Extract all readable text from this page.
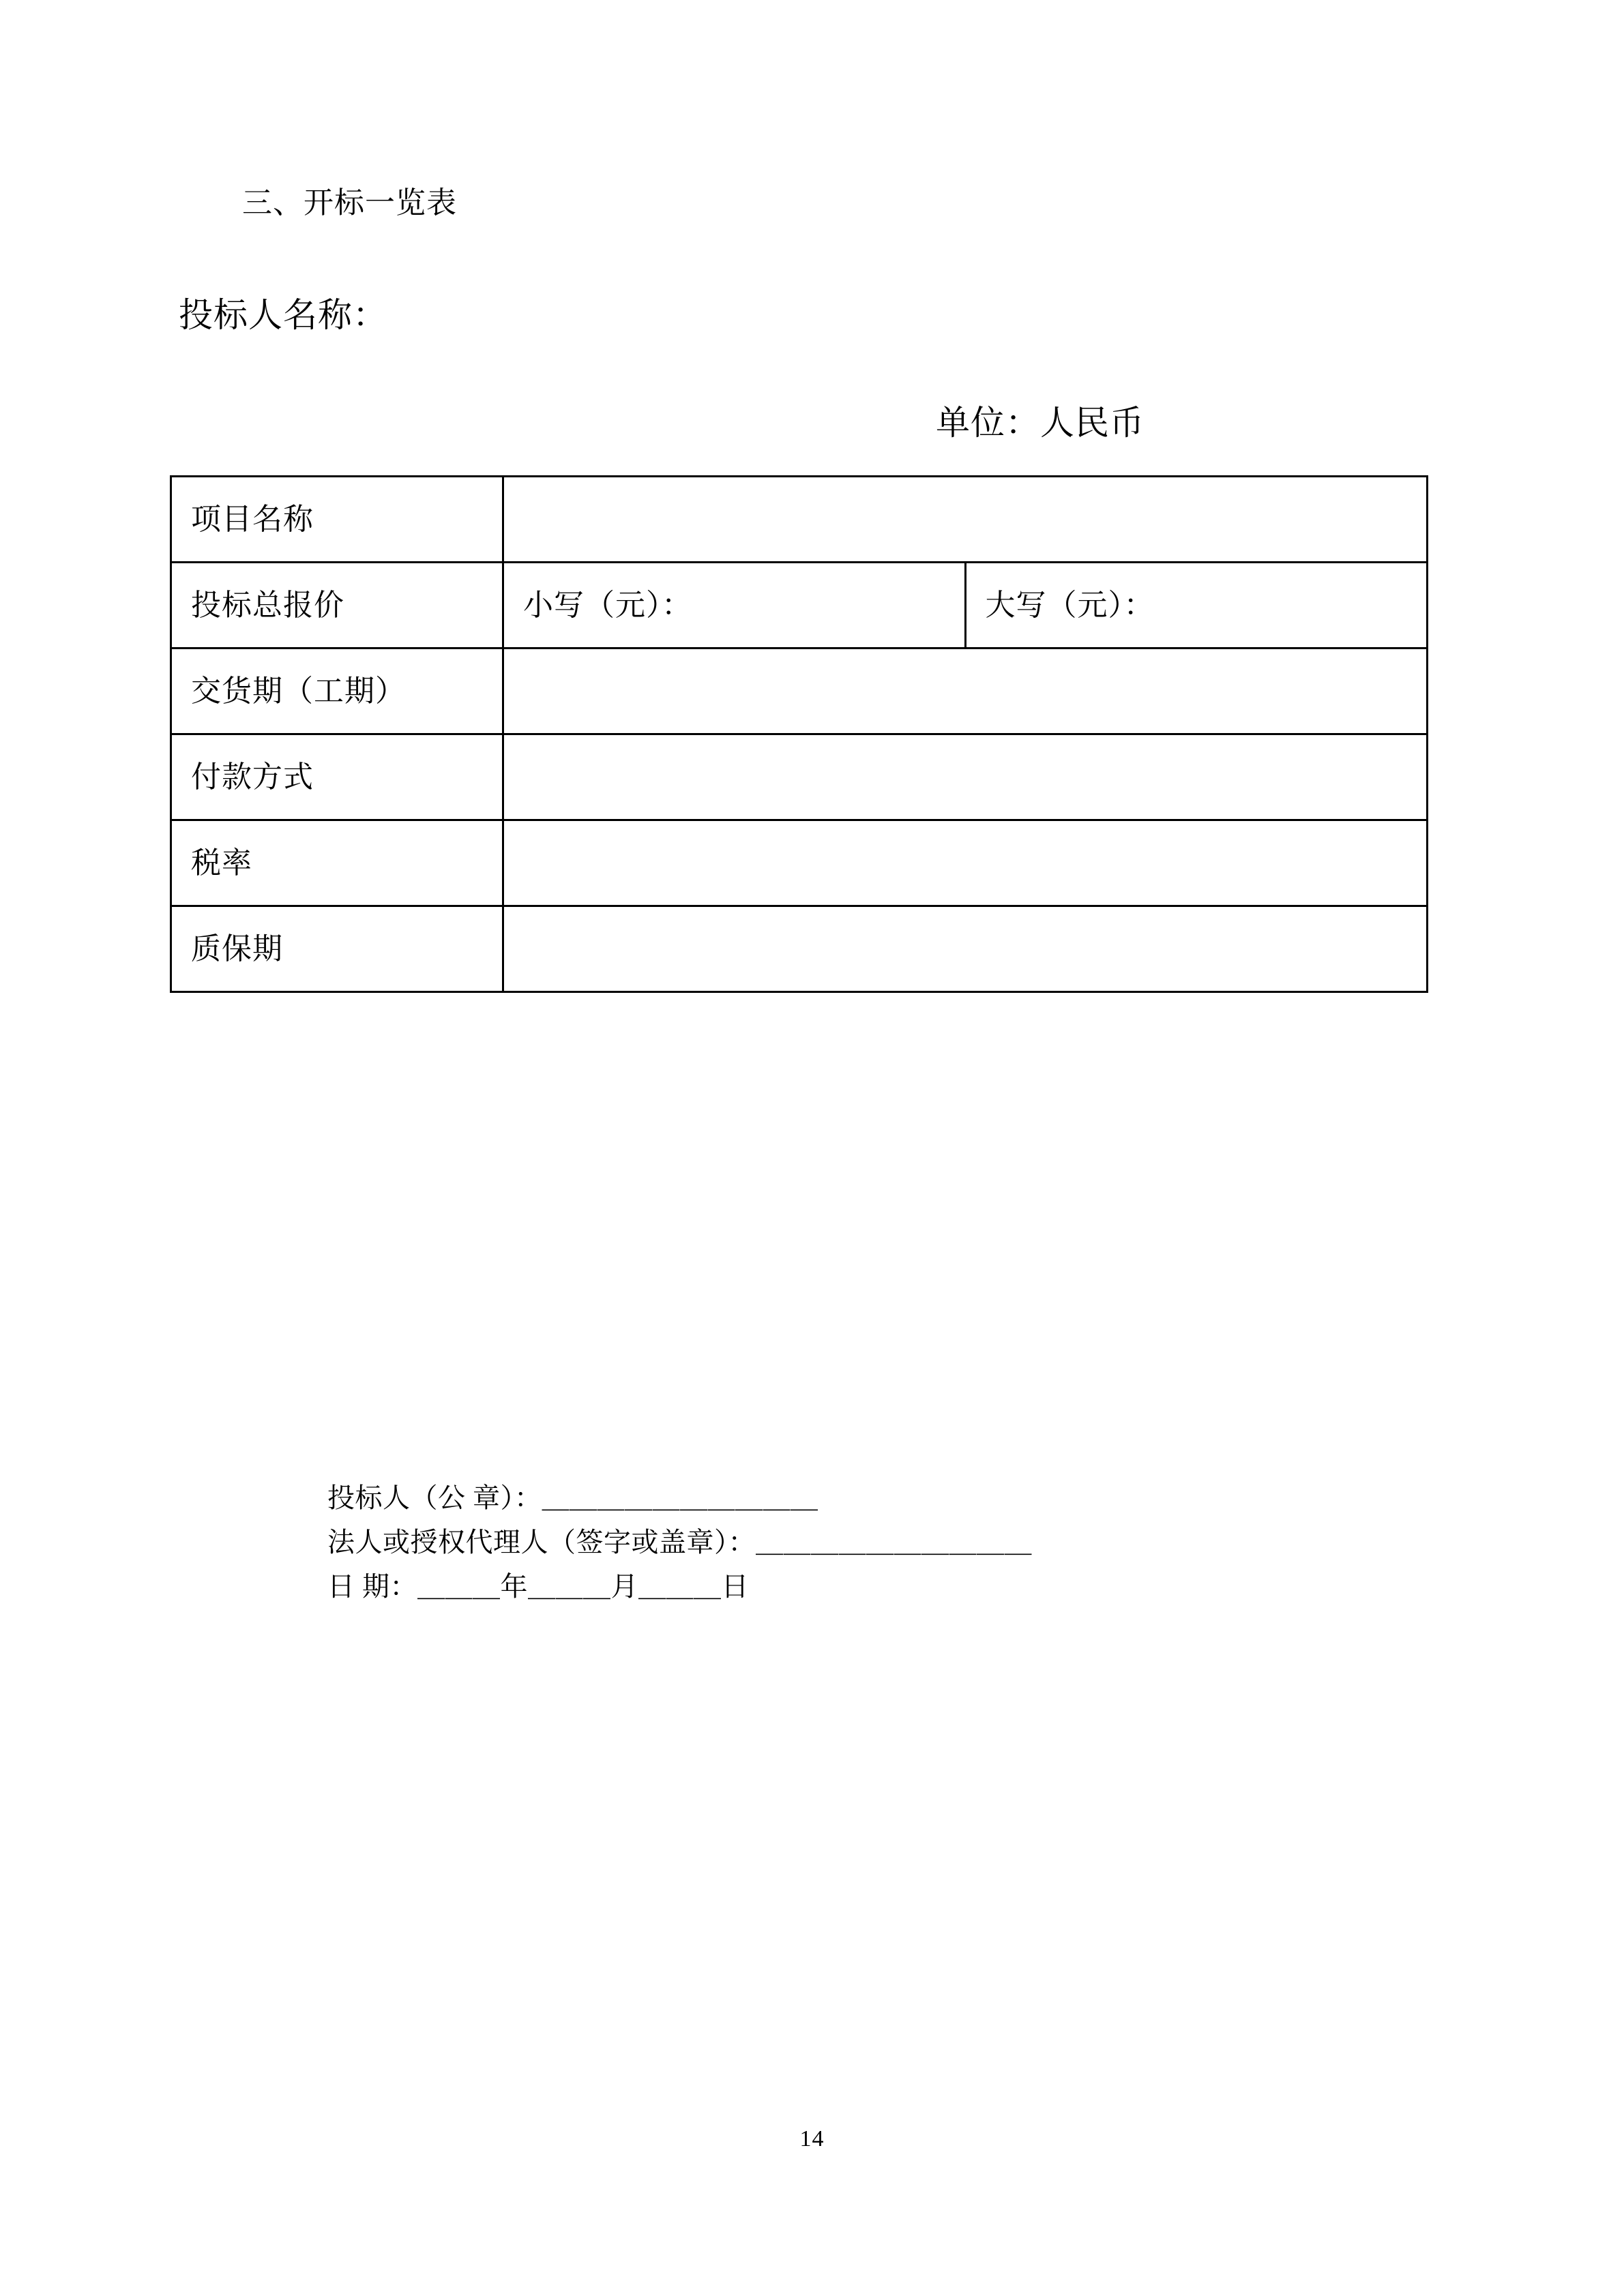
三、开标一览表
投标人名称：
单位：人民币
项目名称		
投标总报价	小写（元）：	大写（元）：
交货期（工期）		
付款方式		
税率		
质保期		
投标人（公 章）：＿＿＿＿＿＿＿＿＿＿
法人或授权代理人（签字或盖章）：＿＿＿＿＿＿＿＿＿＿
日 期：＿＿＿年＿＿＿月＿＿＿日
14
